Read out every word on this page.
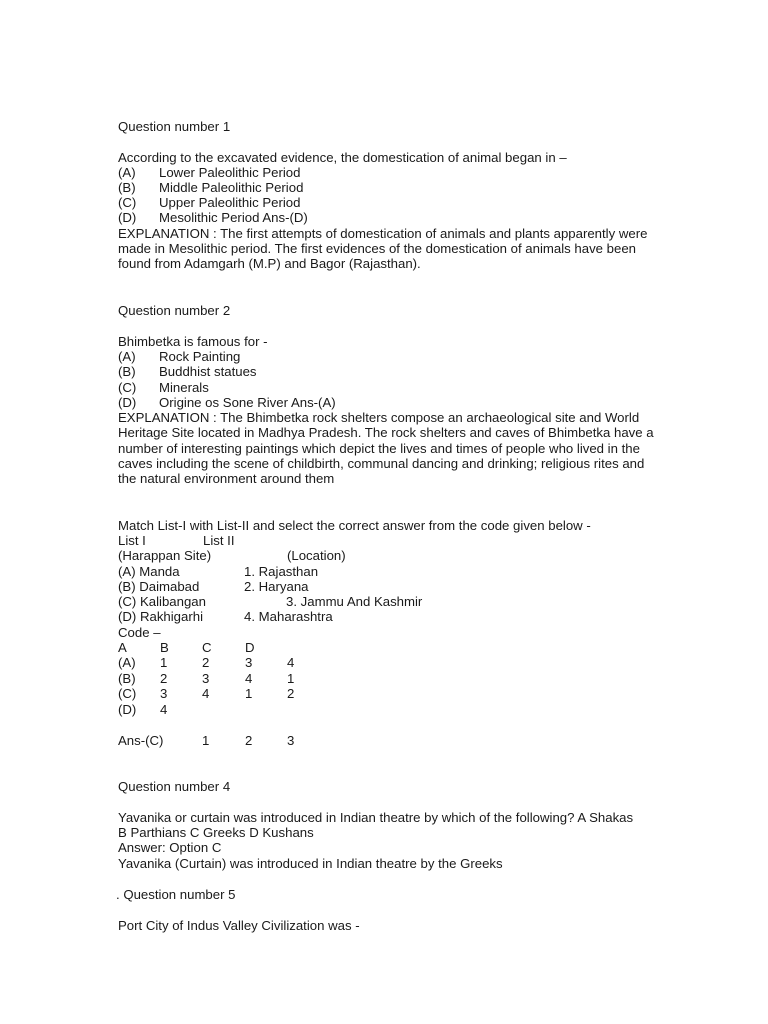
Question number 1
According to the excavated evidence, the domestication of animal began in –
(A) Lower Paleolithic Period
(B) Middle Paleolithic Period
(C) Upper Paleolithic Period
(D) Mesolithic Period Ans-(D)
EXPLANATION : The first attempts of domestication of animals and plants apparently were
made in Mesolithic period. The first evidences of the domestication of animals have been
found from Adamgarh (M.P) and Bagor (Rajasthan).
Question number 2
Bhimbetka is famous for -
(A) Rock Painting
(B) Buddhist statues
(C) Minerals
(D) Origine os Sone River Ans-(A)
EXPLANATION : The Bhimbetka rock shelters compose an archaeological site and World
Heritage Site located in Madhya Pradesh. The rock shelters and caves of Bhimbetka have a
number of interesting paintings which depict the lives and times of people who lived in the
caves including the scene of childbirth, communal dancing and drinking; religious rites and
the natural environment around them
Match List-I with List-II and select the correct answer from the code given below -
List I	List II
(Harappan Site)	(Location)
(A) Manda	1. Rajasthan
(B) Daimabad	2. Haryana
(C) Kalibangan	3. Jammu And Kashmir
(D) Rakhigarhi	4. Maharashtra
Code –
A	B	C	D
(A) 1	2	3	4
(B) 2	3	4	1
(C) 3	4	1	2
(D) 4
Ans-(C)	1	2	3
Question number 4
Yavanika or curtain was introduced in Indian theatre by which of the following? A Shakas
B Parthians C Greeks D Kushans
Answer: Option C
Yavanika (Curtain) was introduced in Indian theatre by the Greeks
. Question number 5
Port City of Indus Valley Civilization was -
